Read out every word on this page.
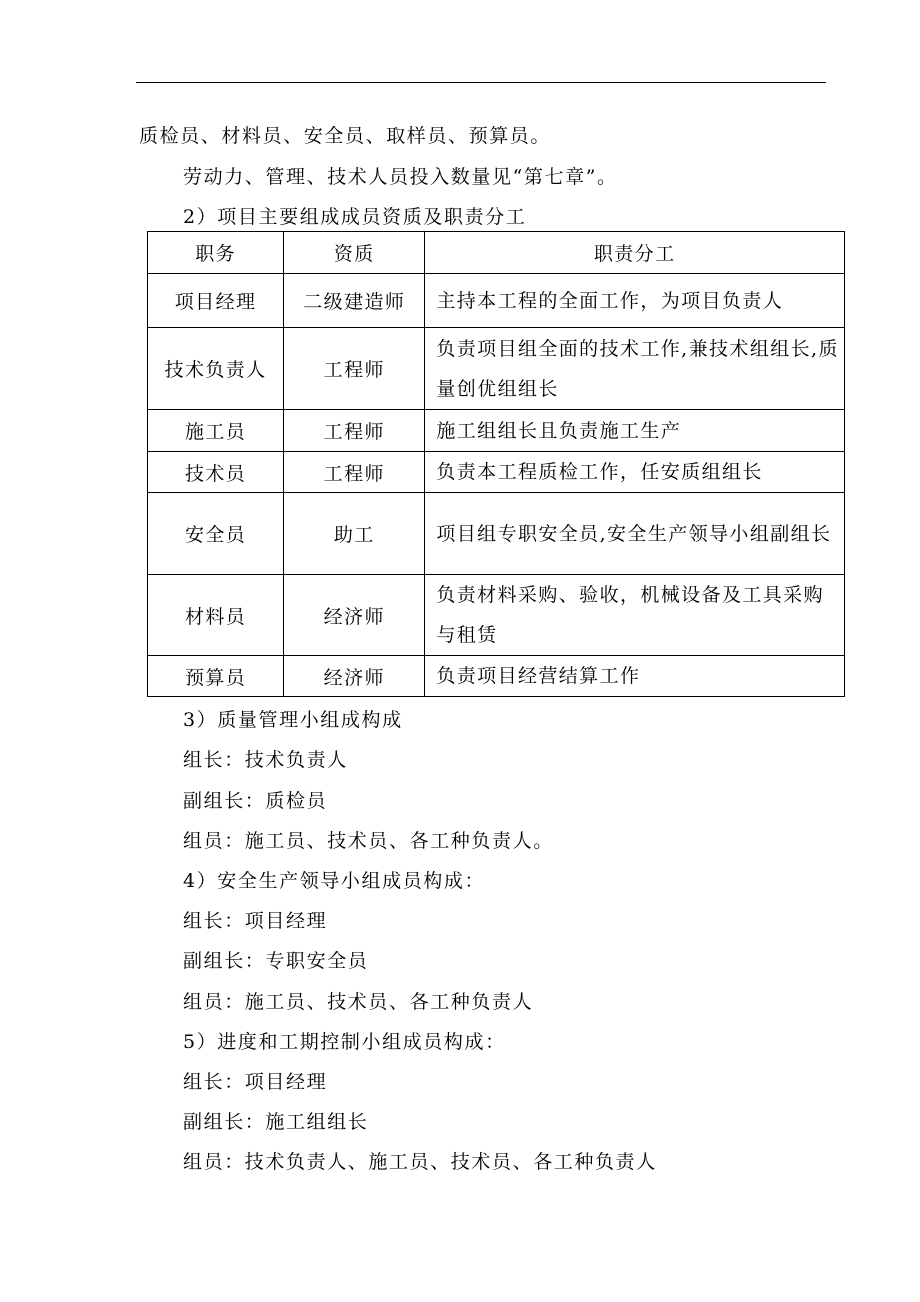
质检员、材料员、安全员、取样员、预算员。
劳动力、管理、技术人员投入数量见“第七章”。
2）项目主要组成成员资质及职责分工
职务	资质	职责分工
项目经理	二级建造师	主持本工程的全面工作，为项目负责人
技术负责人	工程师	负责项目组全面的技术工作,兼技术组组长,质量创优组组长
施工员	工程师	施工组组长且负责施工生产
技术员	工程师	负责本工程质检工作，任安质组组长
安全员	助工	项目组专职安全员,安全生产领导小组副组长
材料员	经济师	负责材料采购、验收，机械设备及工具采购与租赁
预算员	经济师	负责项目经营结算工作
3）质量管理小组成构成
组长：技术负责人
副组长：质检员
组员：施工员、技术员、各工种负责人。
4）安全生产领导小组成员构成：
组长：项目经理
副组长：专职安全员
组员：施工员、技术员、各工种负责人
5）进度和工期控制小组成员构成：
组长：项目经理
副组长：施工组组长
组员：技术负责人、施工员、技术员、各工种负责人
